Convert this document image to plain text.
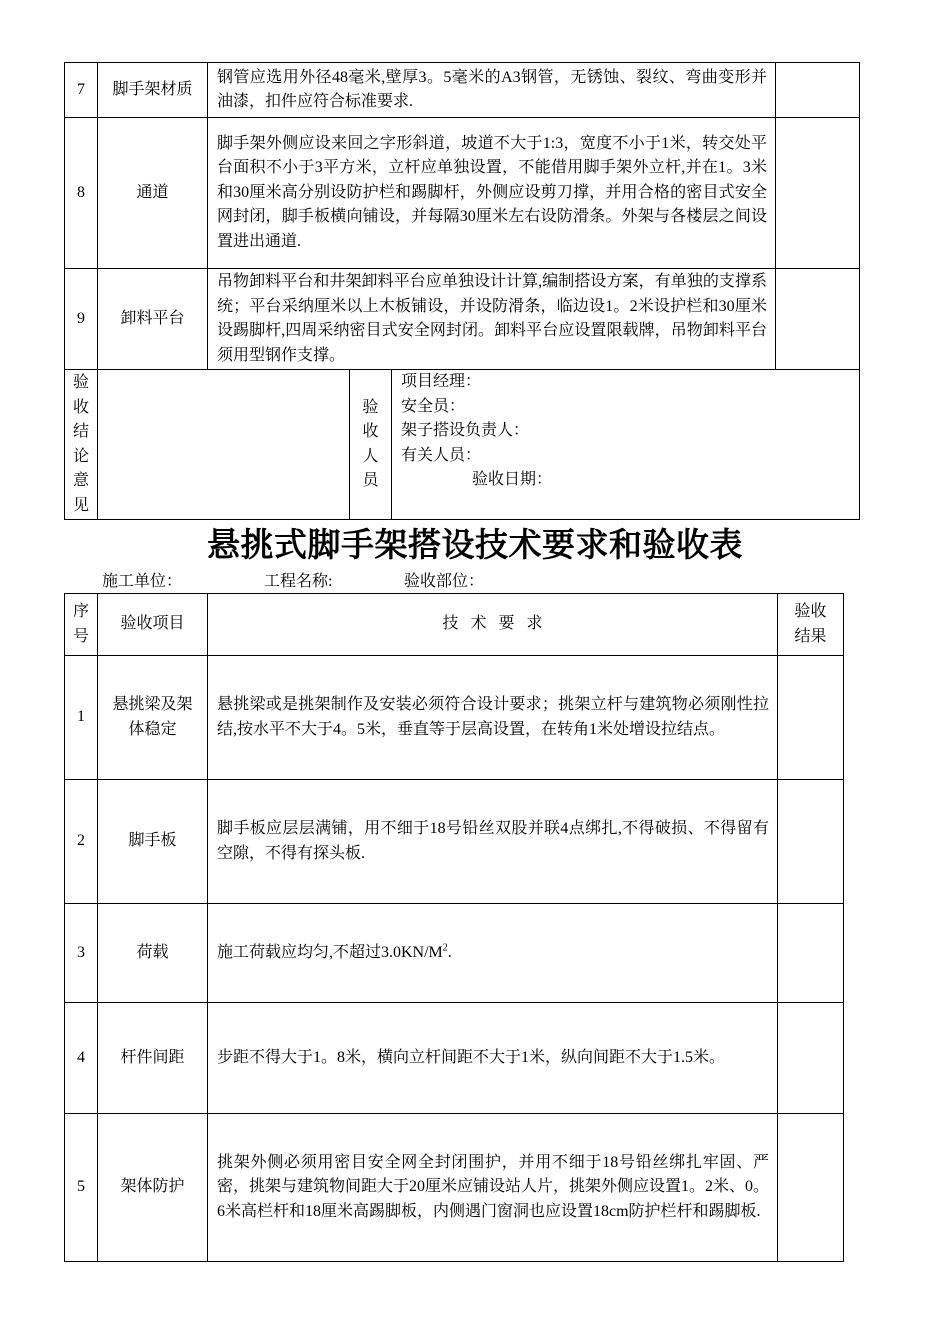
7	脚手架材质	钢管应选用外径48毫米,壁厚3。5毫米的A3钢管，无锈蚀、裂纹、弯曲变形并油漆，扣件应符合标准要求.			
8	通道	脚手架外侧应设来回之字形斜道，坡道不大于1:3，宽度不小于1米，转交处平台面积不小于3平方米，立杆应单独设置，不能借用脚手架外立杆,并在1。3米和30厘米高分别设防护栏和踢脚杆，外侧应设剪刀撑，并用合格的密目式安全网封闭，脚手板横向铺设，并每隔30厘米左右设防滑条。外架与各楼层之间设置进出通道.			
9	卸料平台	吊物卸料平台和井架卸料平台应单独设计计算,编制搭设方案，有单独的支撑系统；平台采纳厘米以上木板铺设，并设防滑条，临边设1。2米设护栏和30厘米设踢脚杆,四周采纳密目式安全网封闭。卸料平台应设置限载牌，吊物卸料平台须用型钢作支撑。			

验收结论意见			验收人员	项目经理：
安全员：
架子搭设负责人：
有关人员：
验收日期：	
悬挑式脚手架搭设技术要求和验收表
施工单位：	工程名称:	验收部位：
序号	验收项目	技 术 要 求	验收结果

1	悬挑梁及架体稳定	悬挑梁或是挑架制作及安装必须符合设计要求；挑架立杆与建筑物必须刚性拉结,按水平不大于4。5米，垂直等于层高设置，在转角1米处增设拉结点。	
2	脚手板	脚手板应层层满铺，用不细于18号铅丝双股并联4点绑扎,不得破损、不得留有空隙，不得有探头板.	
3	荷载	施工荷载应均匀,不超过$3.0KN/M^2$.	
4	杆件间距	步距不得大于1。8米，横向立杆间距不大于1米，纵向间距不大于1.5米。	
5	架体防护	挑架外侧必须用密目安全网全封闭围护，并用不细于18号铅丝绑扎牢固、严密，挑架与建筑物间距大于20厘米应铺设站人片，挑架外侧应设置1。2米、0。6米高栏杆和18厘米高踢脚板，内侧遇门窗洞也应设置18cm防护栏杆和踢脚板.	
